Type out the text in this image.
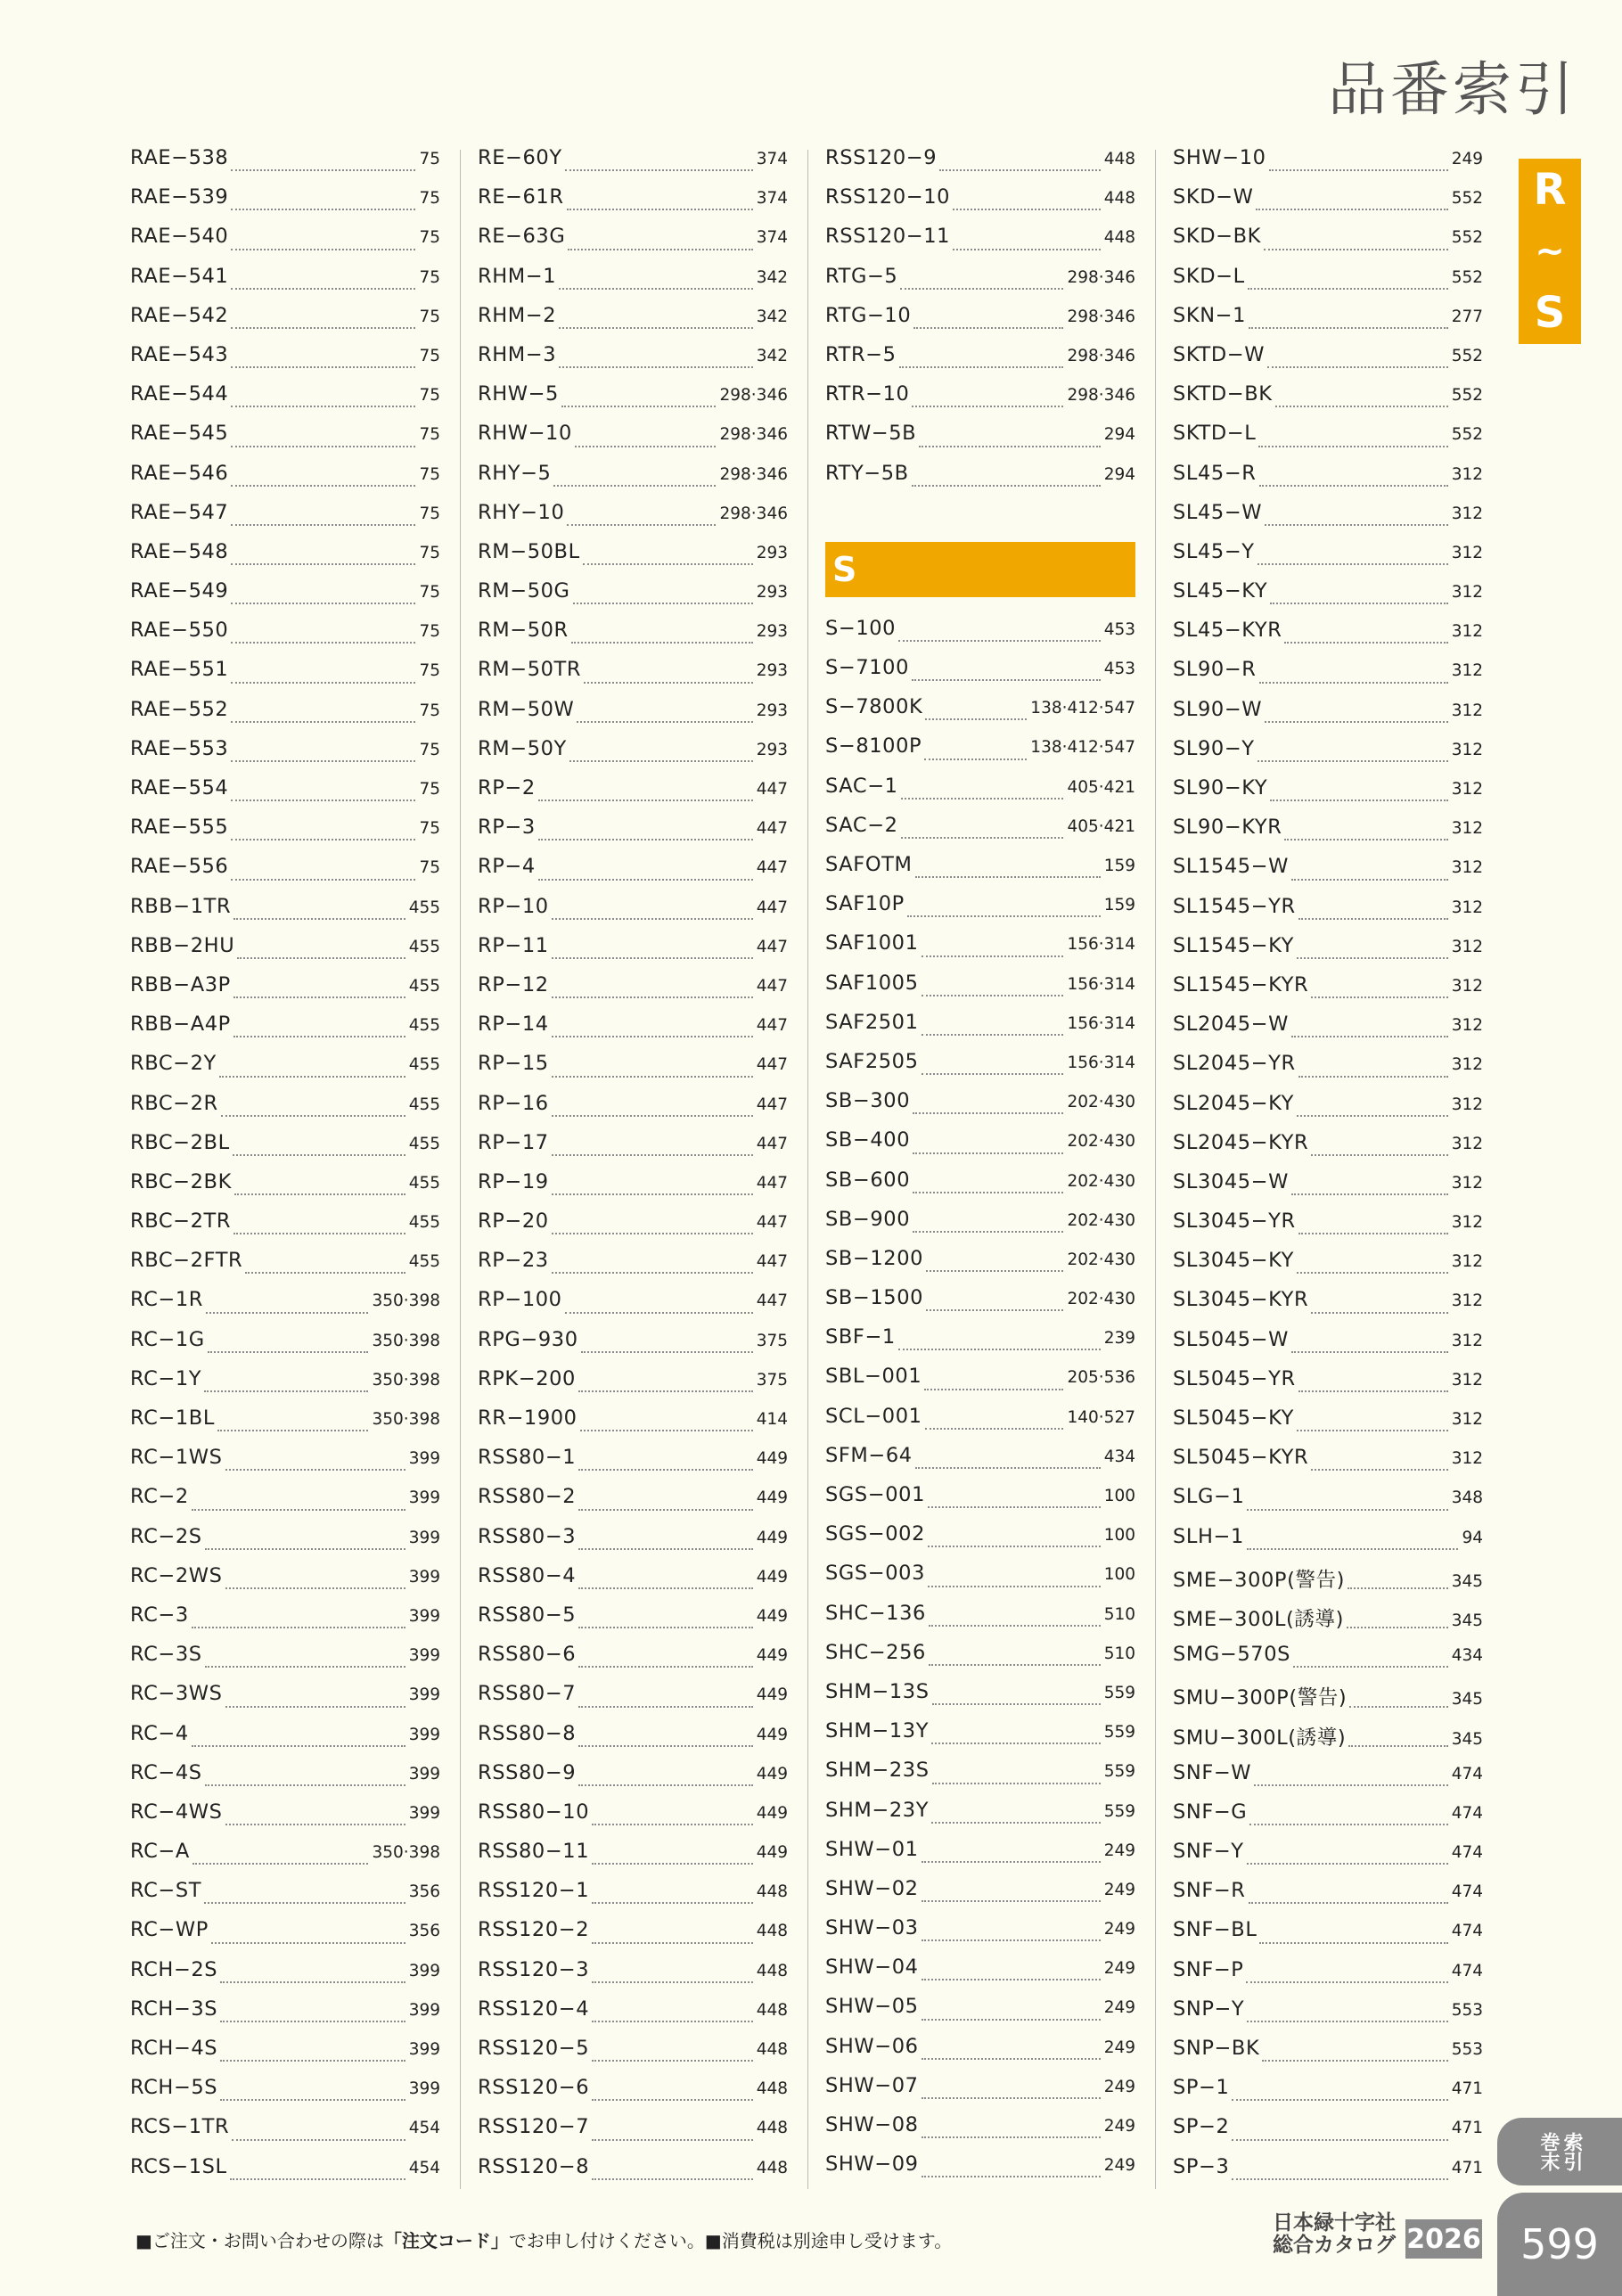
品番索引
R
~
S
RAE−538	75
RAE−539	75
RAE−540	75
RAE−541	75
RAE−542	75
RAE−543	75
RAE−544	75
RAE−545	75
RAE−546	75
RAE−547	75
RAE−548	75
RAE−549	75
RAE−550	75
RAE−551	75
RAE−552	75
RAE−553	75
RAE−554	75
RAE−555	75
RAE−556	75
RBB−1TR	455
RBB−2HU	455
RBB−A3P	455
RBB−A4P	455
RBC−2Y	455
RBC−2R	455
RBC−2BL	455
RBC−2BK	455
RBC−2TR	455
RBC−2FTR	455
RC−1R	350·398
RC−1G	350·398
RC−1Y	350·398
RC−1BL	350·398
RC−1WS	399
RC−2	399
RC−2S	399
RC−2WS	399
RC−3	399
RC−3S	399
RC−3WS	399
RC−4	399
RC−4S	399
RC−4WS	399
RC−A	350·398
RC−ST	356
RC−WP	356
RCH−2S	399
RCH−3S	399
RCH−4S	399
RCH−5S	399
RCS−1TR	454
RCS−1SL	454
RE−60Y	374
RE−61R	374
RE−63G	374
RHM−1	342
RHM−2	342
RHM−3	342
RHW−5	298·346
RHW−10	298·346
RHY−5	298·346
RHY−10	298·346
RM−50BL	293
RM−50G	293
RM−50R	293
RM−50TR	293
RM−50W	293
RM−50Y	293
RP−2	447
RP−3	447
RP−4	447
RP−10	447
RP−11	447
RP−12	447
RP−14	447
RP−15	447
RP−16	447
RP−17	447
RP−19	447
RP−20	447
RP−23	447
RP−100	447
RPG−930	375
RPK−200	375
RR−1900	414
RSS80−1	449
RSS80−2	449
RSS80−3	449
RSS80−4	449
RSS80−5	449
RSS80−6	449
RSS80−7	449
RSS80−8	449
RSS80−9	449
RSS80−10	449
RSS80−11	449
RSS120−1	448
RSS120−2	448
RSS120−3	448
RSS120−4	448
RSS120−5	448
RSS120−6	448
RSS120−7	448
RSS120−8	448
RSS120−9	448
RSS120−10	448
RSS120−11	448
RTG−5	298·346
RTG−10	298·346
RTR−5	298·346
RTR−10	298·346
RTW−5B	294
RTY−5B	294
S
S−100	453
S−7100	453
S−7800K	138·412·547
S−8100P	138·412·547
SAC−1	405·421
SAC−2	405·421
SAFOTM	159
SAF10P	159
SAF1001	156·314
SAF1005	156·314
SAF2501	156·314
SAF2505	156·314
SB−300	202·430
SB−400	202·430
SB−600	202·430
SB−900	202·430
SB−1200	202·430
SB−1500	202·430
SBF−1	239
SBL−001	205·536
SCL−001	140·527
SFM−64	434
SGS−001	100
SGS−002	100
SGS−003	100
SHC−136	510
SHC−256	510
SHM−13S	559
SHM−13Y	559
SHM−23S	559
SHM−23Y	559
SHW−01	249
SHW−02	249
SHW−03	249
SHW−04	249
SHW−05	249
SHW−06	249
SHW−07	249
SHW−08	249
SHW−09	249
SHW−10	249
SKD−W	552
SKD−BK	552
SKD−L	552
SKN−1	277
SKTD−W	552
SKTD−BK	552
SKTD−L	552
SL45−R	312
SL45−W	312
SL45−Y	312
SL45−KY	312
SL45−KYR	312
SL90−R	312
SL90−W	312
SL90−Y	312
SL90−KY	312
SL90−KYR	312
SL1545−W	312
SL1545−YR	312
SL1545−KY	312
SL1545−KYR	312
SL2045−W	312
SL2045−YR	312
SL2045−KY	312
SL2045−KYR	312
SL3045−W	312
SL3045−YR	312
SL3045−KY	312
SL3045−KYR	312
SL5045−W	312
SL5045−YR	312
SL5045−KY	312
SL5045−KYR	312
SLG−1	348
SLH−1	94
SME−300P(警告)	345
SME−300L(誘導)	345
SMG−570S	434
SMU−300P(警告)	345
SMU−300L(誘導)	345
SNF−W	474
SNF−G	474
SNF−Y	474
SNF−R	474
SNF−BL	474
SNF−P	474
SNP−Y	553
SNP−BK	553
SP−1	471
SP−2	471
SP−3	471
■ご注文・お問い合わせの際は「注文コード」でお申し付けください。■消費税は別途申し受けます。
日本緑十字社
総合カタログ 2026
巻末 索引
599
